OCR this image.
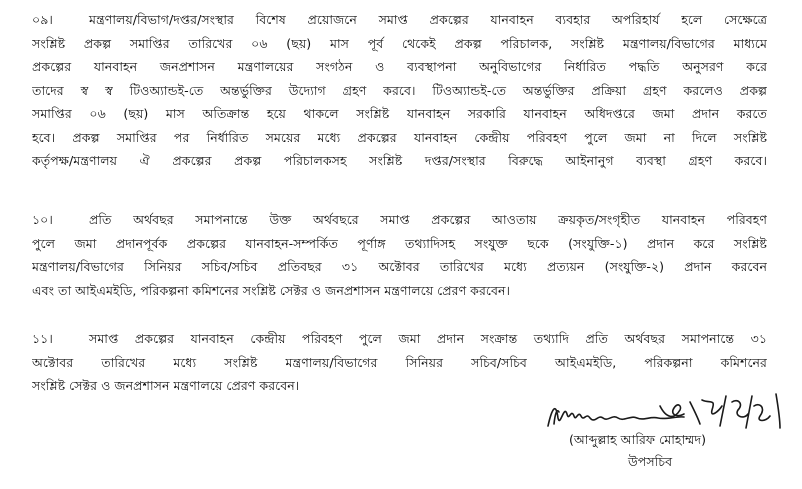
০৯।	মন্ত্রণালয়/বিভাগ/দপ্তর/সংস্থার বিশেষ প্রয়োজনে সমাপ্ত প্রকল্পের যানবাহন ব্যবহার অপরিহার্য হলে সেক্ষেত্রে
সংশ্লিষ্ট প্রকল্প সমাপ্তির তারিখের ০৬ (ছয়) মাস পূর্ব থেকেই প্রকল্প পরিচালক, সংশ্লিষ্ট মন্ত্রণালয়/বিভাগের মাধ্যমে
প্রকল্পের যানবাহন জনপ্রশাসন মন্ত্রণালয়ের সংগঠন ও ব্যবস্থাপনা অনুবিভাগের নির্ধারিত পদ্ধতি অনুসরণ করে
তাদের স্ব স্ব টিওঅ্যান্ডই-তে অন্তর্ভুক্তির উদ্যোগ গ্রহণ করবে। টিওঅ্যান্ডই-তে অন্তর্ভুক্তির প্রক্রিয়া গ্রহণ করলেও প্রকল্প
সমাপ্তির ০৬ (ছয়) মাস অতিক্রান্ত হয়ে থাকলে সংশ্লিষ্ট যানবাহন সরকারি যানবাহন অধিদপ্তরে জমা প্রদান করতে
হবে। প্রকল্প সমাপ্তির পর নির্ধারিত সময়ের মধ্যে প্রকল্পের যানবাহন কেন্দ্রীয় পরিবহণ পুলে জমা না দিলে সংশ্লিষ্ট
কর্তৃপক্ষ/মন্ত্রণালয় ঐ প্রকল্পের প্রকল্প পরিচালকসহ সংশ্লিষ্ট দপ্তর/সংস্থার বিরুদ্ধে আইনানুগ ব্যবস্থা গ্রহণ করবে।
১০।	প্রতি অর্থবছর সমাপনান্তে উক্ত অর্থবছরে সমাপ্ত প্রকল্পের আওতায় ক্রয়কৃত/সংগৃহীত যানবাহন পরিবহণ
পুলে জমা প্রদানপূর্বক প্রকল্পের যানবাহন-সম্পর্কিত পূর্ণাঙ্গ তথ্যাদিসহ সংযুক্ত ছকে (সংযুক্তি-১) প্রদান করে সংশ্লিষ্ট
মন্ত্রণালয়/বিভাগের সিনিয়র সচিব/সচিব প্রতিবছর ৩১ অক্টোবর তারিখের মধ্যে প্রত্যয়ন (সংযুক্তি-২) প্রদান করবেন
এবং তা আইএমইডি, পরিকল্পনা কমিশনের সংশ্লিষ্ট সেক্টর ও জনপ্রশাসন মন্ত্রণালয়ে প্রেরণ করবেন।
১১।	সমাপ্ত প্রকল্পের যানবাহন কেন্দ্রীয় পরিবহণ পুলে জমা প্রদান সংক্রান্ত তথ্যাদি প্রতি অর্থবছর সমাপনান্তে ৩১
অক্টোবর তারিখের মধ্যে সংশ্লিষ্ট মন্ত্রণালয়/বিভাগের সিনিয়র সচিব/সচিব আইএমইডি, পরিকল্পনা কমিশনের
সংশ্লিষ্ট সেক্টর ও জনপ্রশাসন মন্ত্রণালয়ে প্রেরণ করবেন।
(আব্দুল্লাহ আরিফ মোহাম্মদ)
উপসচিব
